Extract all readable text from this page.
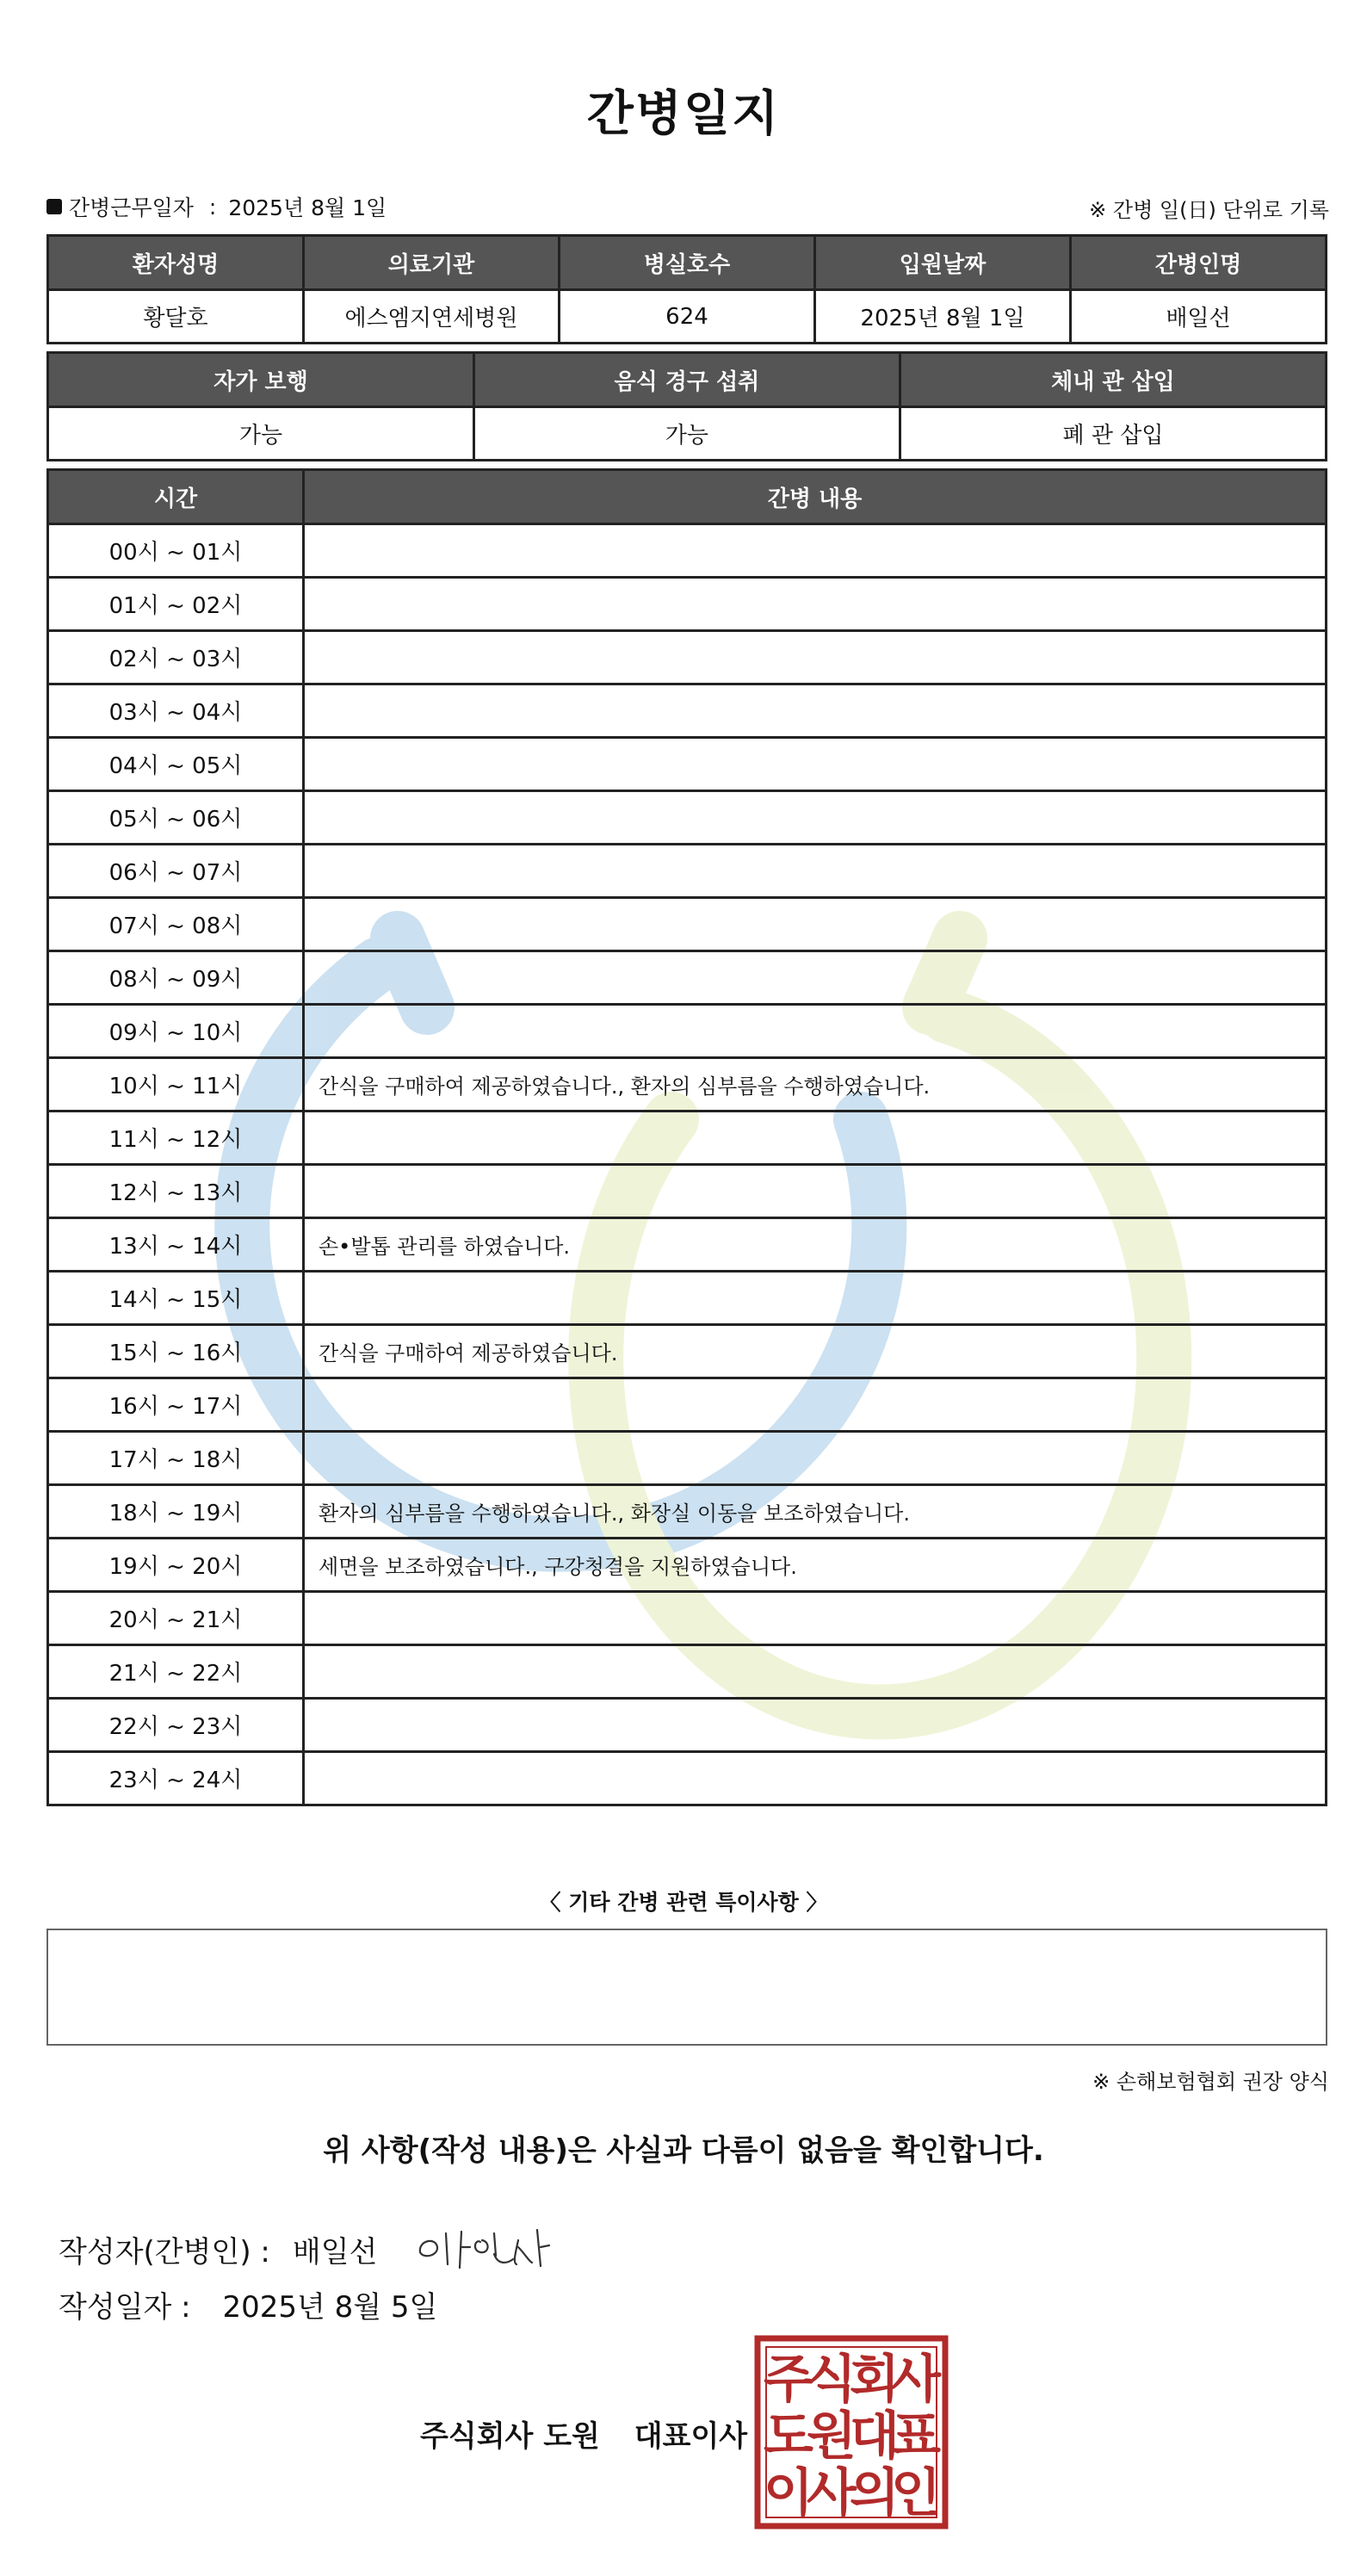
간병일지
간병근무일자 : 2025년 8월 1일	※ 간병 일(日) 단위로 기록
환자성명	의료기관	병실호수	입원날짜	간병인명
황달호	에스엠지연세병원	624	2025년 8월 1일	배일선
자가 보행	음식 경구 섭취	체내 관 삽입
가능	가능	폐 관 삽입
시간	간병 내용
00시 ~ 01시	
01시 ~ 02시	
02시 ~ 03시	
03시 ~ 04시	
04시 ~ 05시	
05시 ~ 06시	
06시 ~ 07시	
07시 ~ 08시	
08시 ~ 09시	
09시 ~ 10시	
10시 ~ 11시	간식을 구매하여 제공하였습니다., 환자의 심부름을 수행하였습니다.
11시 ~ 12시	
12시 ~ 13시	
13시 ~ 14시	손•발톱 관리를 하였습니다.
14시 ~ 15시	
15시 ~ 16시	간식을 구매하여 제공하였습니다.
16시 ~ 17시	
17시 ~ 18시	
18시 ~ 19시	환자의 심부름을 수행하였습니다., 화장실 이동을 보조하였습니다.
19시 ~ 20시	세면을 보조하였습니다., 구강청결을 지원하였습니다.
20시 ~ 21시	
21시 ~ 22시	
22시 ~ 23시	
23시 ~ 24시	
〈 기타 간병 관련 특이사항 〉
※ 손해보험협회 권장 양식
위 사항(작성 내용)은 사실과 다름이 없음을 확인합니다.
작성자(간병인) : 배일선
작성일자 : 2025년 8월 5일
주식회사 도원 대표이사
주
식
회
사
도
원
대
표
이
사
의
인
